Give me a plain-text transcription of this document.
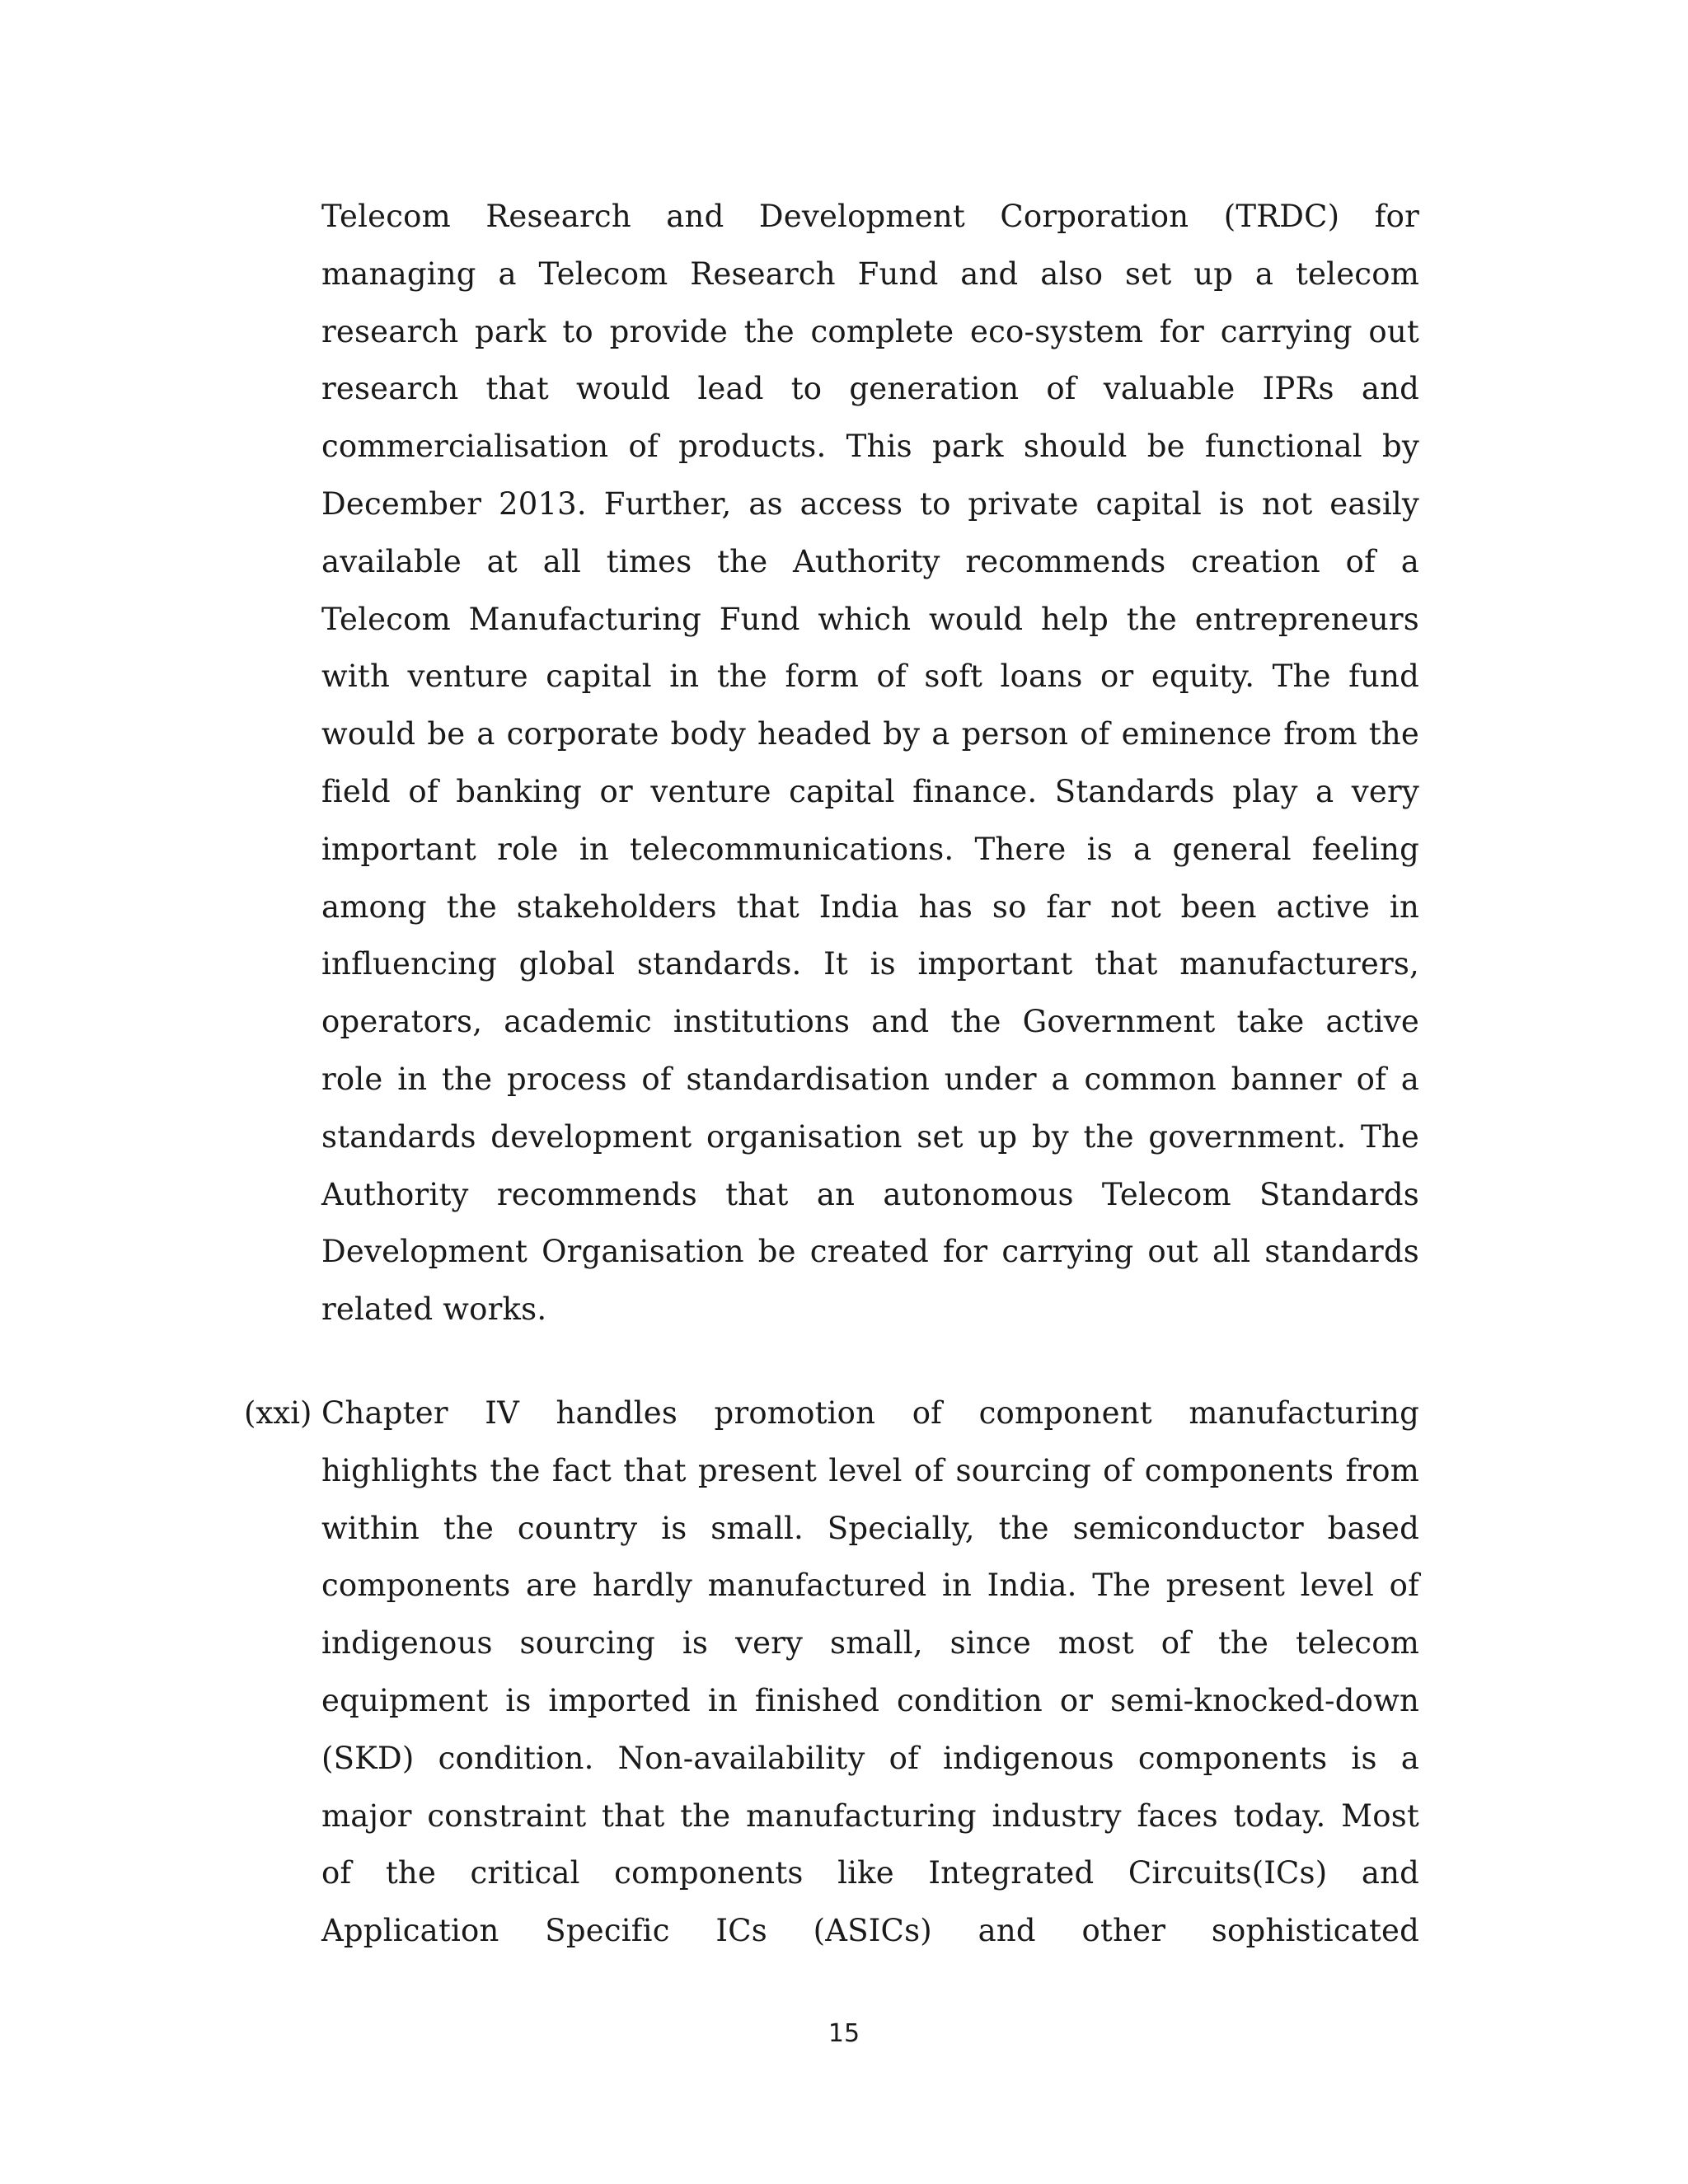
Telecom Research and Development Corporation (TRDC) for
managing a Telecom Research Fund and also set up a telecom
research park to provide the complete eco-system for carrying out
research that would lead to generation of valuable IPRs and
commercialisation of products. This park should be functional by
December 2013. Further, as access to private capital is not easily
available at all times the Authority recommends creation of a
Telecom Manufacturing Fund which would help the entrepreneurs
with venture capital in the form of soft loans or equity. The fund
would be a corporate body headed by a person of eminence from the
field of banking or venture capital finance. Standards play a very
important role in telecommunications. There is a general feeling
among the stakeholders that India has so far not been active in
influencing global standards. It is important that manufacturers,
operators, academic institutions and the Government take active
role in the process of standardisation under a common banner of a
standards development organisation set up by the government. The
Authority recommends that an autonomous Telecom Standards
Development Organisation be created for carrying out all standards
related works.
(xxi) Chapter IV handles promotion of component manufacturing
highlights the fact that present level of sourcing of components from
within the country is small. Specially, the semiconductor based
components are hardly manufactured in India. The present level of
indigenous sourcing is very small, since most of the telecom
equipment is imported in finished condition or semi-knocked-down
(SKD) condition. Non-availability of indigenous components is a
major constraint that the manufacturing industry faces today. Most
of the critical components like Integrated Circuits(ICs) and
Application Specific ICs (ASICs) and other sophisticated
15
